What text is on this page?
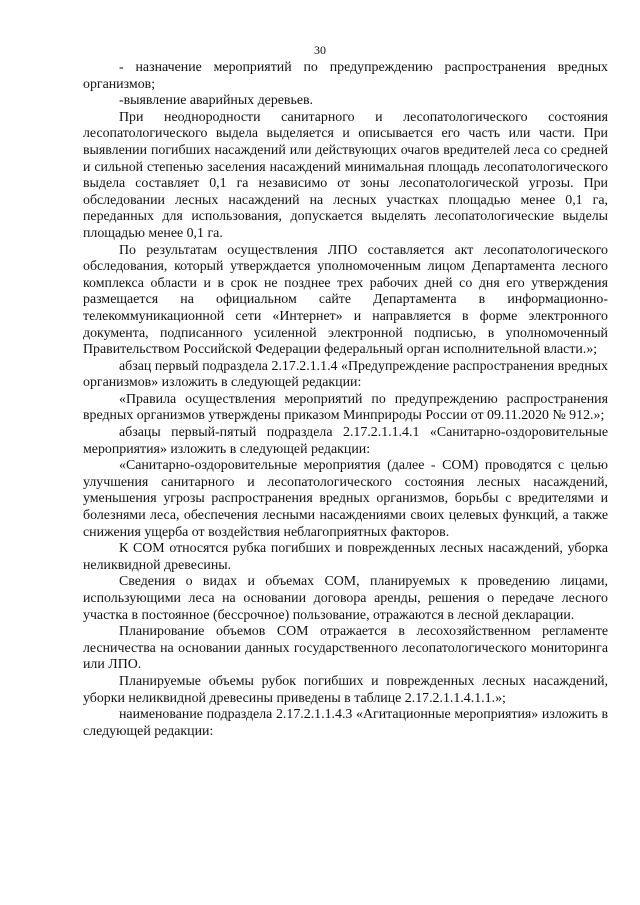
30

- назначение мероприятий по предупреждению распространения вредных организмов;

-выявление аварийных деревьев.

При неоднородности санитарного и лесопатологического состояния лесопатологического выдела выделяется и описывается его часть или части. При выявлении погибших насаждений или действующих очагов вредителей леса со средней и сильной степенью заселения насаждений минимальная площадь лесопатологического выдела составляет 0,1 га независимо от зоны лесопатологической угрозы. При обследовании лесных насаждений на лесных участках площадью менее 0,1 га, переданных для использования, допускается выделять лесопатологические выделы площадью менее 0,1 га.

По результатам осуществления ЛПО составляется акт лесопатологического обследования, который утверждается уполномоченным лицом Департамента лесного комплекса области и в срок не позднее трех рабочих дней со дня его утверждения размещается на официальном сайте Департамента в информационно-телекоммуникационной сети «Интернет» и направляется в форме электронного документа, подписанного усиленной электронной подписью, в уполномоченный Правительством Российской Федерации федеральный орган исполнительной власти.»;

абзац первый подраздела 2.17.2.1.1.4 «Предупреждение распространения вредных организмов» изложить в следующей редакции:

«Правила осуществления мероприятий по предупреждению распространения вредных организмов утверждены приказом Минприроды России от 09.11.2020 № 912.»;

абзацы первый-пятый подраздела 2.17.2.1.1.4.1 «Санитарно-оздоровительные мероприятия» изложить в следующей редакции:

«Санитарно-оздоровительные мероприятия (далее - СОМ) проводятся с целью улучшения санитарного и лесопатологического состояния лесных насаждений, уменьшения угрозы распространения вредных организмов, борьбы с вредителями и болезнями леса, обеспечения лесными насаждениями своих целевых функций, а также снижения ущерба от воздействия неблагоприятных факторов.

К СОМ относятся рубка погибших и поврежденных лесных насаждений, уборка неликвидной древесины.

Сведения о видах и объемах СОМ, планируемых к проведению лицами, использующими леса на основании договора аренды, решения о передаче лесного участка в постоянное (бессрочное) пользование, отражаются в лесной декларации.

Планирование объемов СОМ отражается в лесохозяйственном регламенте лесничества на основании данных государственного лесопатологического мониторинга или ЛПО.

Планируемые объемы рубок погибших и поврежденных лесных насаждений, уборки неликвидной древесины приведены в таблице 2.17.2.1.1.4.1.1.»;

наименование подраздела 2.17.2.1.1.4.3 «Агитационные мероприятия» изложить в следующей редакции:
